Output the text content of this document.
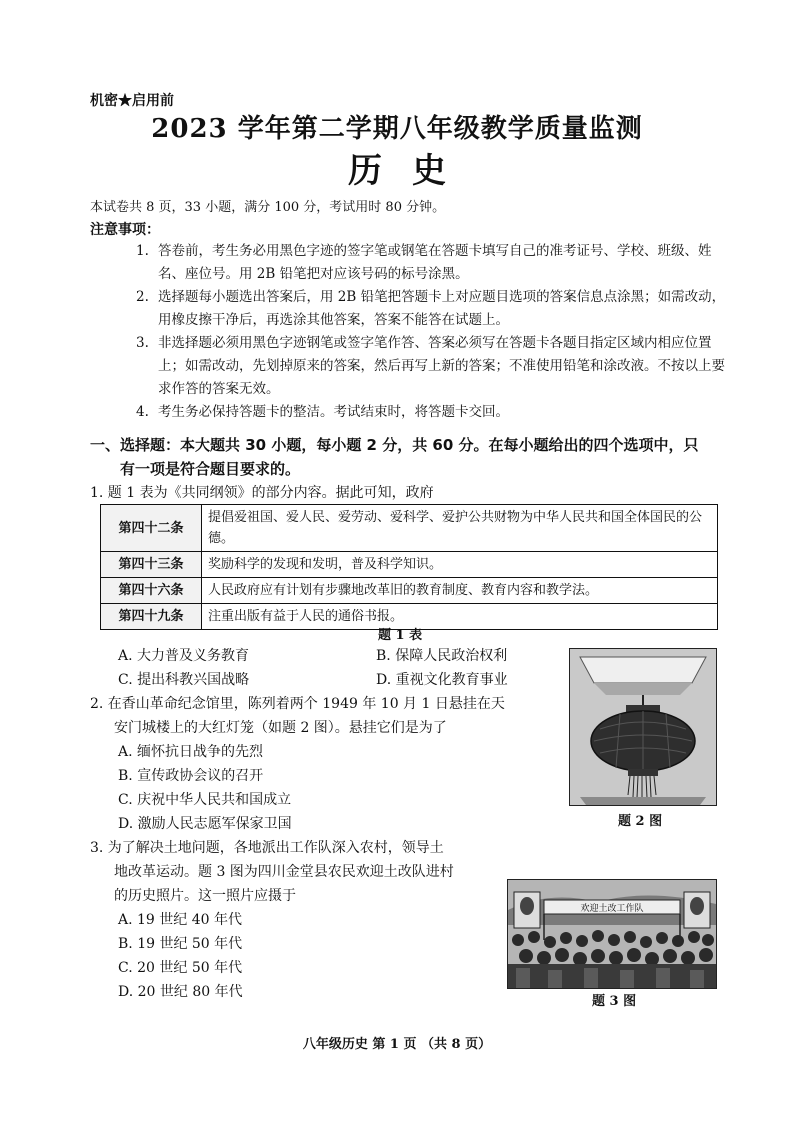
机密★启用前
2023 学年第二学期八年级教学质量监测
历史
本试卷共 8 页，33 小题，满分 100 分，考试用时 80 分钟。
注意事项：
1. 答卷前，考生务必用黑色字迹的签字笔或钢笔在答题卡填写自己的准考证号、学校、班级、姓名、座位号。用 2B 铅笔把对应该号码的标号涂黑。
2. 选择题每小题选出答案后，用 2B 铅笔把答题卡上对应题目选项的答案信息点涂黑；如需改动，用橡皮擦干净后，再选涂其他答案，答案不能答在试题上。
3. 非选择题必须用黑色字迹钢笔或签字笔作答、答案必须写在答题卡各题目指定区域内相应位置上；如需改动，先划掉原来的答案，然后再写上新的答案；不准使用铅笔和涂改液。不按以上要求作答的答案无效。
4. 考生务必保持答题卡的整洁。考试结束时，将答题卡交回。
一、选择题：本大题共 30 小题，每小题 2 分，共 60 分。在每小题给出的四个选项中，只
有一项是符合题目要求的。
1. 题 1 表为《共同纲领》的部分内容。据此可知，政府
第四十二条	提倡爱祖国、爱人民、爱劳动、爱科学、爱护公共财物为中华人民共和国全体国民的公德。
第四十三条	奖励科学的发现和发明，普及科学知识。
第四十六条	人民政府应有计划有步骤地改革旧的教育制度、教育内容和教学法。
第四十九条	注重出版有益于人民的通俗书报。
题 1 表
A. 大力普及义务教育	B. 保障人民政治权利
C. 提出科教兴国战略	D. 重视文化教育事业
2. 在香山革命纪念馆里，陈列着两个 1949 年 10 月 1 日悬挂在天
安门城楼上的大红灯笼（如题 2 图）。悬挂它们是为了
A. 缅怀抗日战争的先烈
B. 宣传政协会议的召开
C. 庆祝中华人民共和国成立
D. 激励人民志愿军保家卫国	题 2 图
3. 为了解决土地问题，各地派出工作队深入农村，领导土
地改革运动。题 3 图为四川金堂县农民欢迎土改队进村
的历史照片。这一照片应摄于
A. 19 世纪 40 年代
B. 19 世纪 50 年代
C. 20 世纪 50 年代
D. 20 世纪 80 年代
欢迎土改工作队
题 3 图
八年级历史 第 1 页 （共 8 页）
